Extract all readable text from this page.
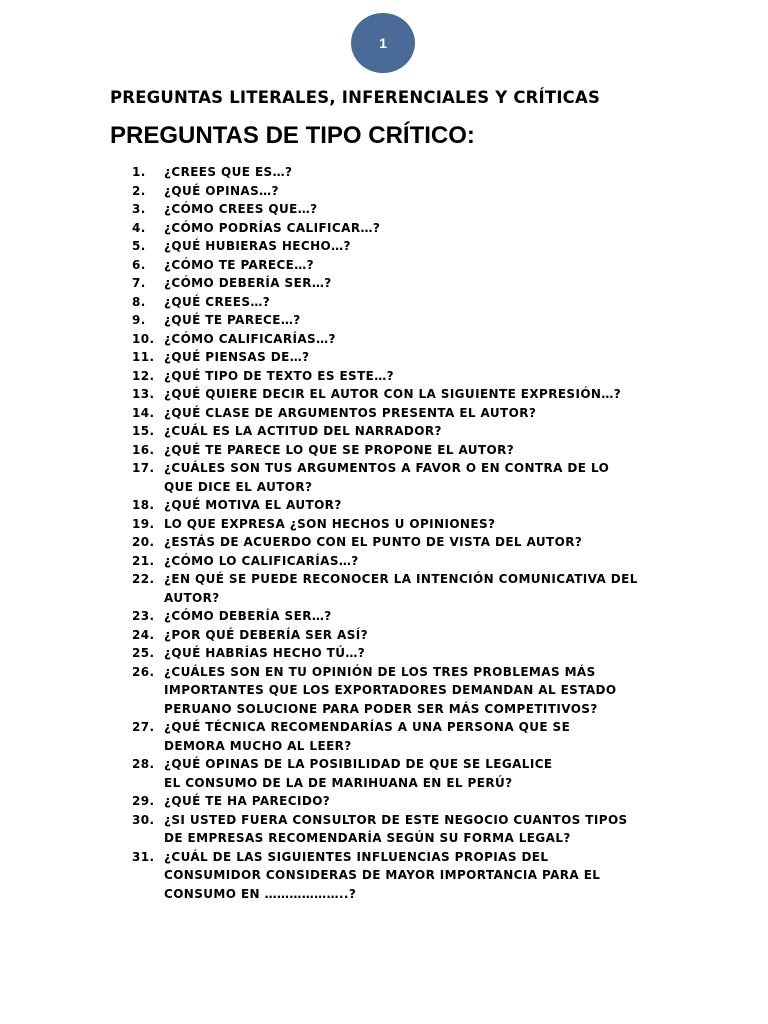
1
PREGUNTAS LITERALES, INFERENCIALES Y CRÍTICAS
PREGUNTAS DE TIPO CRÍTICO:
1. ¿CREES QUE ES…?
2. ¿QUÉ OPINAS…?
3. ¿CÓMO CREES QUE…?
4. ¿CÓMO PODRÍAS CALIFICAR…?
5. ¿QUÉ HUBIERAS HECHO…?
6. ¿CÓMO TE PARECE…?
7. ¿CÓMO DEBERÍA SER…?
8. ¿QUÉ CREES…?
9. ¿QUÉ TE PARECE…?
10. ¿CÓMO CALIFICARÍAS…?
11. ¿QUÉ PIENSAS DE…?
12. ¿QUÉ TIPO DE TEXTO ES ESTE…?
13. ¿QUÉ QUIERE DECIR EL AUTOR CON LA SIGUIENTE EXPRESIÓN…?
14. ¿QUÉ CLASE DE ARGUMENTOS PRESENTA EL AUTOR?
15. ¿CUÁL ES LA ACTITUD DEL NARRADOR?
16. ¿QUÉ TE PARECE LO QUE SE PROPONE EL AUTOR?
17. ¿CUÁLES SON TUS ARGUMENTOS A FAVOR O EN CONTRA DE LO
QUE DICE EL AUTOR?
18. ¿QUÉ MOTIVA EL AUTOR?
19. LO QUE EXPRESA ¿SON HECHOS U OPINIONES?
20. ¿ESTÁS DE ACUERDO CON EL PUNTO DE VISTA DEL AUTOR?
21. ¿CÓMO LO CALIFICARÍAS…?
22. ¿EN QUÉ SE PUEDE RECONOCER LA INTENCIÓN COMUNICATIVA DEL
AUTOR?
23. ¿CÓMO DEBERÍA SER…?
24. ¿POR QUÉ DEBERÍA SER ASÍ?
25. ¿QUÉ HABRÍAS HECHO TÚ…?
26. ¿CUÁLES SON EN TU OPINIÓN DE LOS TRES PROBLEMAS MÁS
IMPORTANTES QUE LOS EXPORTADORES DEMANDAN AL ESTADO
PERUANO SOLUCIONE PARA PODER SER MÁS COMPETITIVOS?
27. ¿QUÉ TÉCNICA RECOMENDARÍAS A UNA PERSONA QUE SE
DEMORA MUCHO AL LEER?
28. ¿QUÉ OPINAS DE LA POSIBILIDAD DE QUE SE LEGALICE
EL CONSUMO DE LA DE MARIHUANA EN EL PERÚ?
29. ¿QUÉ TE HA PARECIDO?
30. ¿SI USTED FUERA CONSULTOR DE ESTE NEGOCIO CUANTOS TIPOS
DE EMPRESAS RECOMENDARÍA SEGÚN SU FORMA LEGAL?
31. ¿CUÁL DE LAS SIGUIENTES INFLUENCIAS PROPIAS DEL
CONSUMIDOR CONSIDERAS DE MAYOR IMPORTANCIA PARA EL
CONSUMO EN ………………..?
